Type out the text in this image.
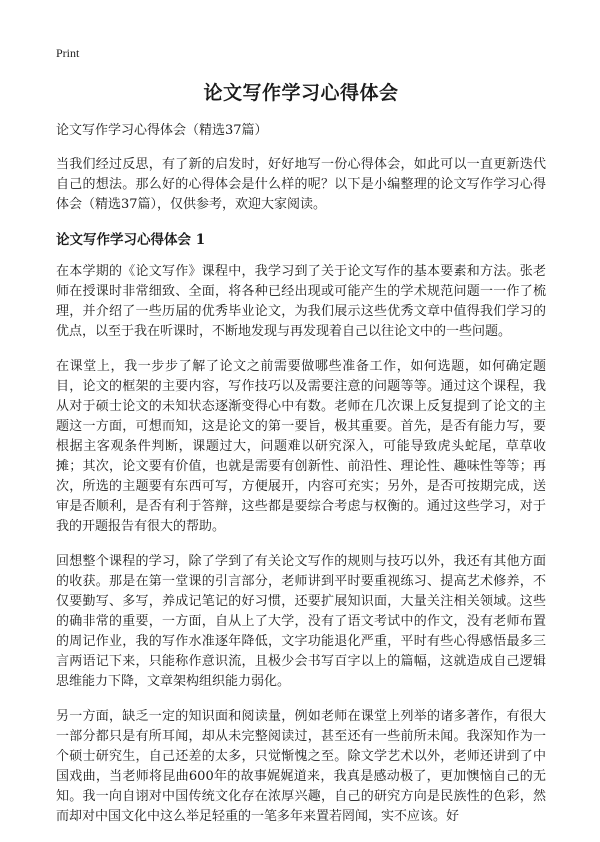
Print
论文写作学习心得体会
论文写作学习心得体会（精选37篇）
当我们经过反思，有了新的启发时，好好地写一份心得体会，如此可以一直更新迭代自己的想法。那么好的心得体会是什么样的呢？以下是小编整理的论文写作学习心得体会（精选37篇），仅供参考，欢迎大家阅读。
论文写作学习心得体会 1
在本学期的《论文写作》课程中，我学习到了关于论文写作的基本要素和方法。张老师在授课时非常细致、全面，将各种已经出现或可能产生的学术规范问题一一作了梳理，并介绍了一些历届的优秀毕业论文，为我们展示这些优秀文章中值得我们学习的优点，以至于我在听课时，不断地发现与再发现着自己以往论文中的一些问题。
在课堂上，我一步步了解了论文之前需要做哪些准备工作，如何选题，如何确定题目，论文的框架的主要内容，写作技巧以及需要注意的问题等等。通过这个课程，我从对于硕士论文的未知状态逐渐变得心中有数。老师在几次课上反复提到了论文的主题这一方面，可想而知，这是论文的第一要旨，极其重要。首先，是否有能力写，要根据主客观条件判断，课题过大，问题难以研究深入，可能导致虎头蛇尾，草草收摊；其次，论文要有价值，也就是需要有创新性、前沿性、理论性、趣味性等等；再次，所选的主题要有东西可写，方便展开，内容可充实；另外，是否可按期完成，送审是否顺利，是否有利于答辩，这些都是要综合考虑与权衡的。通过这些学习，对于我的开题报告有很大的帮助。
回想整个课程的学习，除了学到了有关论文写作的规则与技巧以外，我还有其他方面的收获。那是在第一堂课的引言部分，老师讲到平时要重视练习、提高艺术修养，不仅要勤写、多写，养成记笔记的好习惯，还要扩展知识面，大量关注相关领域。这些的确非常的重要，一方面，自从上了大学，没有了语文考试中的作文，没有老师布置的周记作业，我的写作水准逐年降低，文字功能退化严重，平时有些心得感悟最多三言两语记下来，只能称作意识流，且极少会书写百字以上的篇幅，这就造成自己逻辑思维能力下降，文章架构组织能力弱化。
另一方面，缺乏一定的知识面和阅读量，例如老师在课堂上列举的诸多著作，有很大一部分都只是有所耳闻，却从未完整阅读过，甚至还有一些前所未闻。我深知作为一个硕士研究生，自己还差的太多，只觉惭愧之至。除文学艺术以外，老师还讲到了中国戏曲，当老师将昆曲600年的故事娓娓道来，我真是感动极了，更加懊恼自己的无知。我一向自诩对中国传统文化存在浓厚兴趣，自己的研究方向是民族性的色彩，然而却对中国文化中这么举足轻重的一笔多年来置若罔闻，实不应该。好
